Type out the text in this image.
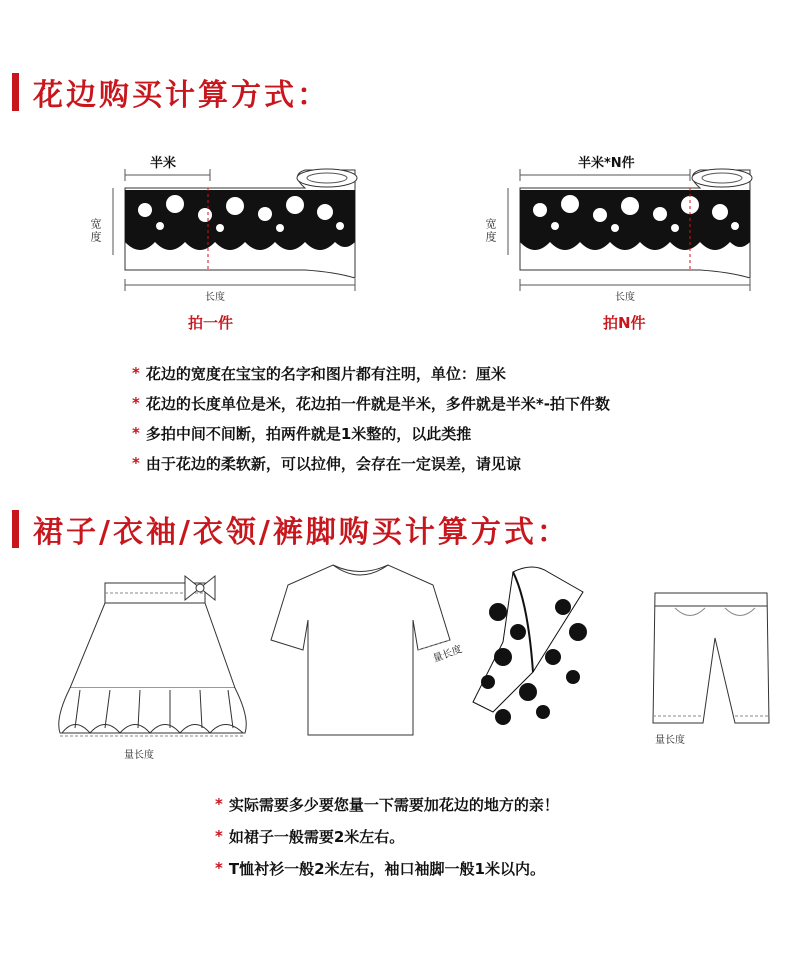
花边购买计算方式：
半米
宽度
长度
拍一件
半米*N件
宽度
长度
拍N件
* 花边的宽度在宝宝的名字和图片都有注明，单位：厘米
* 花边的长度单位是米，花边拍一件就是半米，多件就是半米*-拍下件数
* 多拍中间不间断，拍两件就是1米整的，以此类推
* 由于花边的柔软新，可以拉伸，会存在一定误差，请见谅
裙子/衣袖/衣领/裤脚购买计算方式：
量长度
量长度
量长度
* 实际需要多少要您量一下需要加花边的地方的亲！
* 如裙子一般需要2米左右。
* T恤衬衫一般2米左右，袖口袖脚一般1米以内。
